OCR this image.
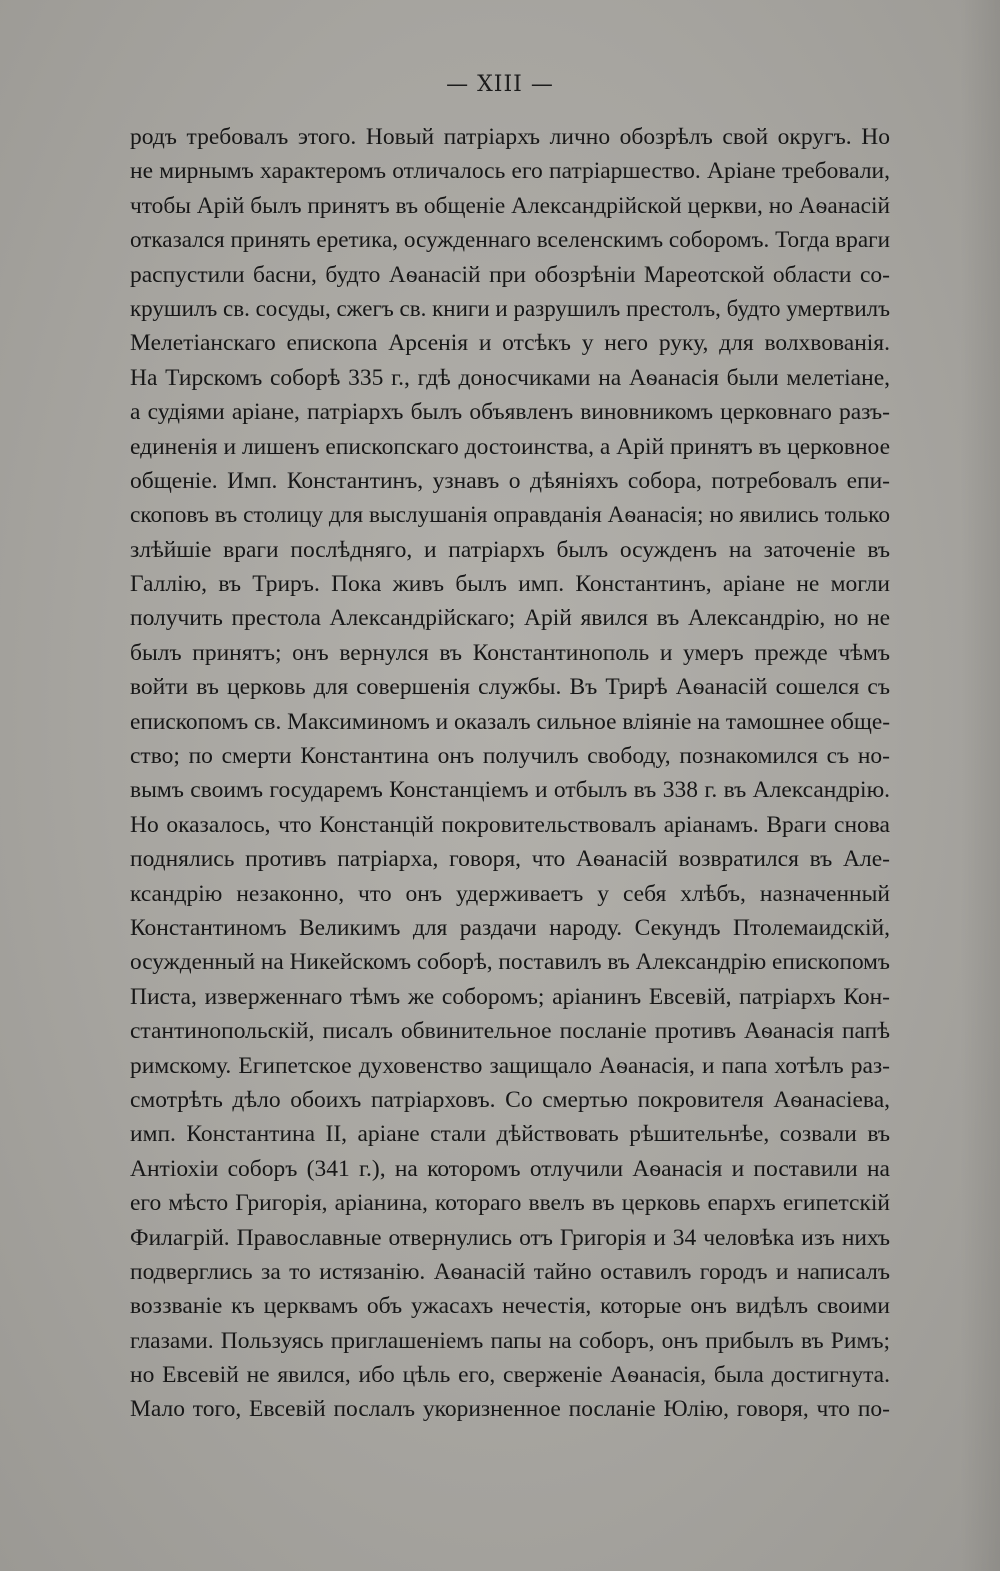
— XIII —
родъ требовалъ этого. Новый патріархъ лично обозрѣлъ свой округъ. Но
не мирнымъ характеромъ отличалось его патріаршество. Аріане требовали,
чтобы Арій былъ принятъ въ общеніе Александрійской церкви, но Аѳанасій
отказался принять еретика, осужденнаго вселенскимъ соборомъ. Тогда враги
распустили басни, будто Аѳанасій при обозрѣніи Мареотской области со-
крушилъ св. сосуды, сжегъ св. книги и разрушилъ престолъ, будто умертвилъ
Мелетіанскаго епископа Арсенія и отсѣкъ у него руку, для волхвованія.
На Тирскомъ соборѣ 335 г., гдѣ доносчиками на Аѳанасія были мелетіане,
а судіями аріане, патріархъ былъ объявленъ виновникомъ церковнаго разъ-
единенія и лишенъ епископскаго достоинства, а Арій принятъ въ церковное
общеніе. Имп. Константинъ, узнавъ о дѣяніяхъ собора, потребовалъ епи-
скоповъ въ столицу для выслушанія оправданія Аѳанасія; но явились только
злѣйшіе враги послѣдняго, и патріархъ былъ осужденъ на заточеніе въ
Галлію, въ Триръ. Пока живъ былъ имп. Константинъ, аріане не могли
получить престола Александрійскаго; Арій явился въ Александрію, но не
былъ принятъ; онъ вернулся въ Константинополь и умеръ прежде чѣмъ
войти въ церковь для совершенія службы. Въ Трирѣ Аѳанасій сошелся съ
епископомъ св. Максиминомъ и оказалъ сильное вліяніе на тамошнее обще-
ство; по смерти Константина онъ получилъ свободу, познакомился съ но-
вымъ своимъ государемъ Констанціемъ и отбылъ въ 338 г. въ Александрію.
Но оказалось, что Констанцій покровительствовалъ аріанамъ. Враги снова
поднялись противъ патріарха, говоря, что Аѳанасій возвратился въ Але-
ксандрію незаконно, что онъ удерживаетъ у себя хлѣбъ, назначенный
Константиномъ Великимъ для раздачи народу. Секундъ Птолемаидскій,
осужденный на Никейскомъ соборѣ, поставилъ въ Александрію епископомъ
Писта, изверженнаго тѣмъ же соборомъ; аріанинъ Евсевій, патріархъ Кон-
стантинопольскій, писалъ обвинительное посланіе противъ Аѳанасія папѣ
римскому. Египетское духовенство защищало Аѳанасія, и папа хотѣлъ раз-
смотрѣть дѣло обоихъ патріарховъ. Со смертью покровителя Аѳанасіева,
имп. Константина II, аріане стали дѣйствовать рѣшительнѣе, созвали въ
Антіохіи соборъ (341 г.), на которомъ отлучили Аѳанасія и поставили на
его мѣсто Григорія, аріанина, котораго ввелъ въ церковь епархъ египетскій
Филагрій. Православные отвернулись отъ Григорія и 34 человѣка изъ нихъ
подверглись за то истязанію. Аѳанасій тайно оставилъ городъ и написалъ
воззваніе къ церквамъ объ ужасахъ нечестія, которые онъ видѣлъ своими
глазами. Пользуясь приглашеніемъ папы на соборъ, онъ прибылъ въ Римъ;
но Евсевій не явился, ибо цѣль его, сверженіе Аѳанасія, была достигнута.
Мало того, Евсевій послалъ укоризненное посланіе Юлію, говоря, что по-
